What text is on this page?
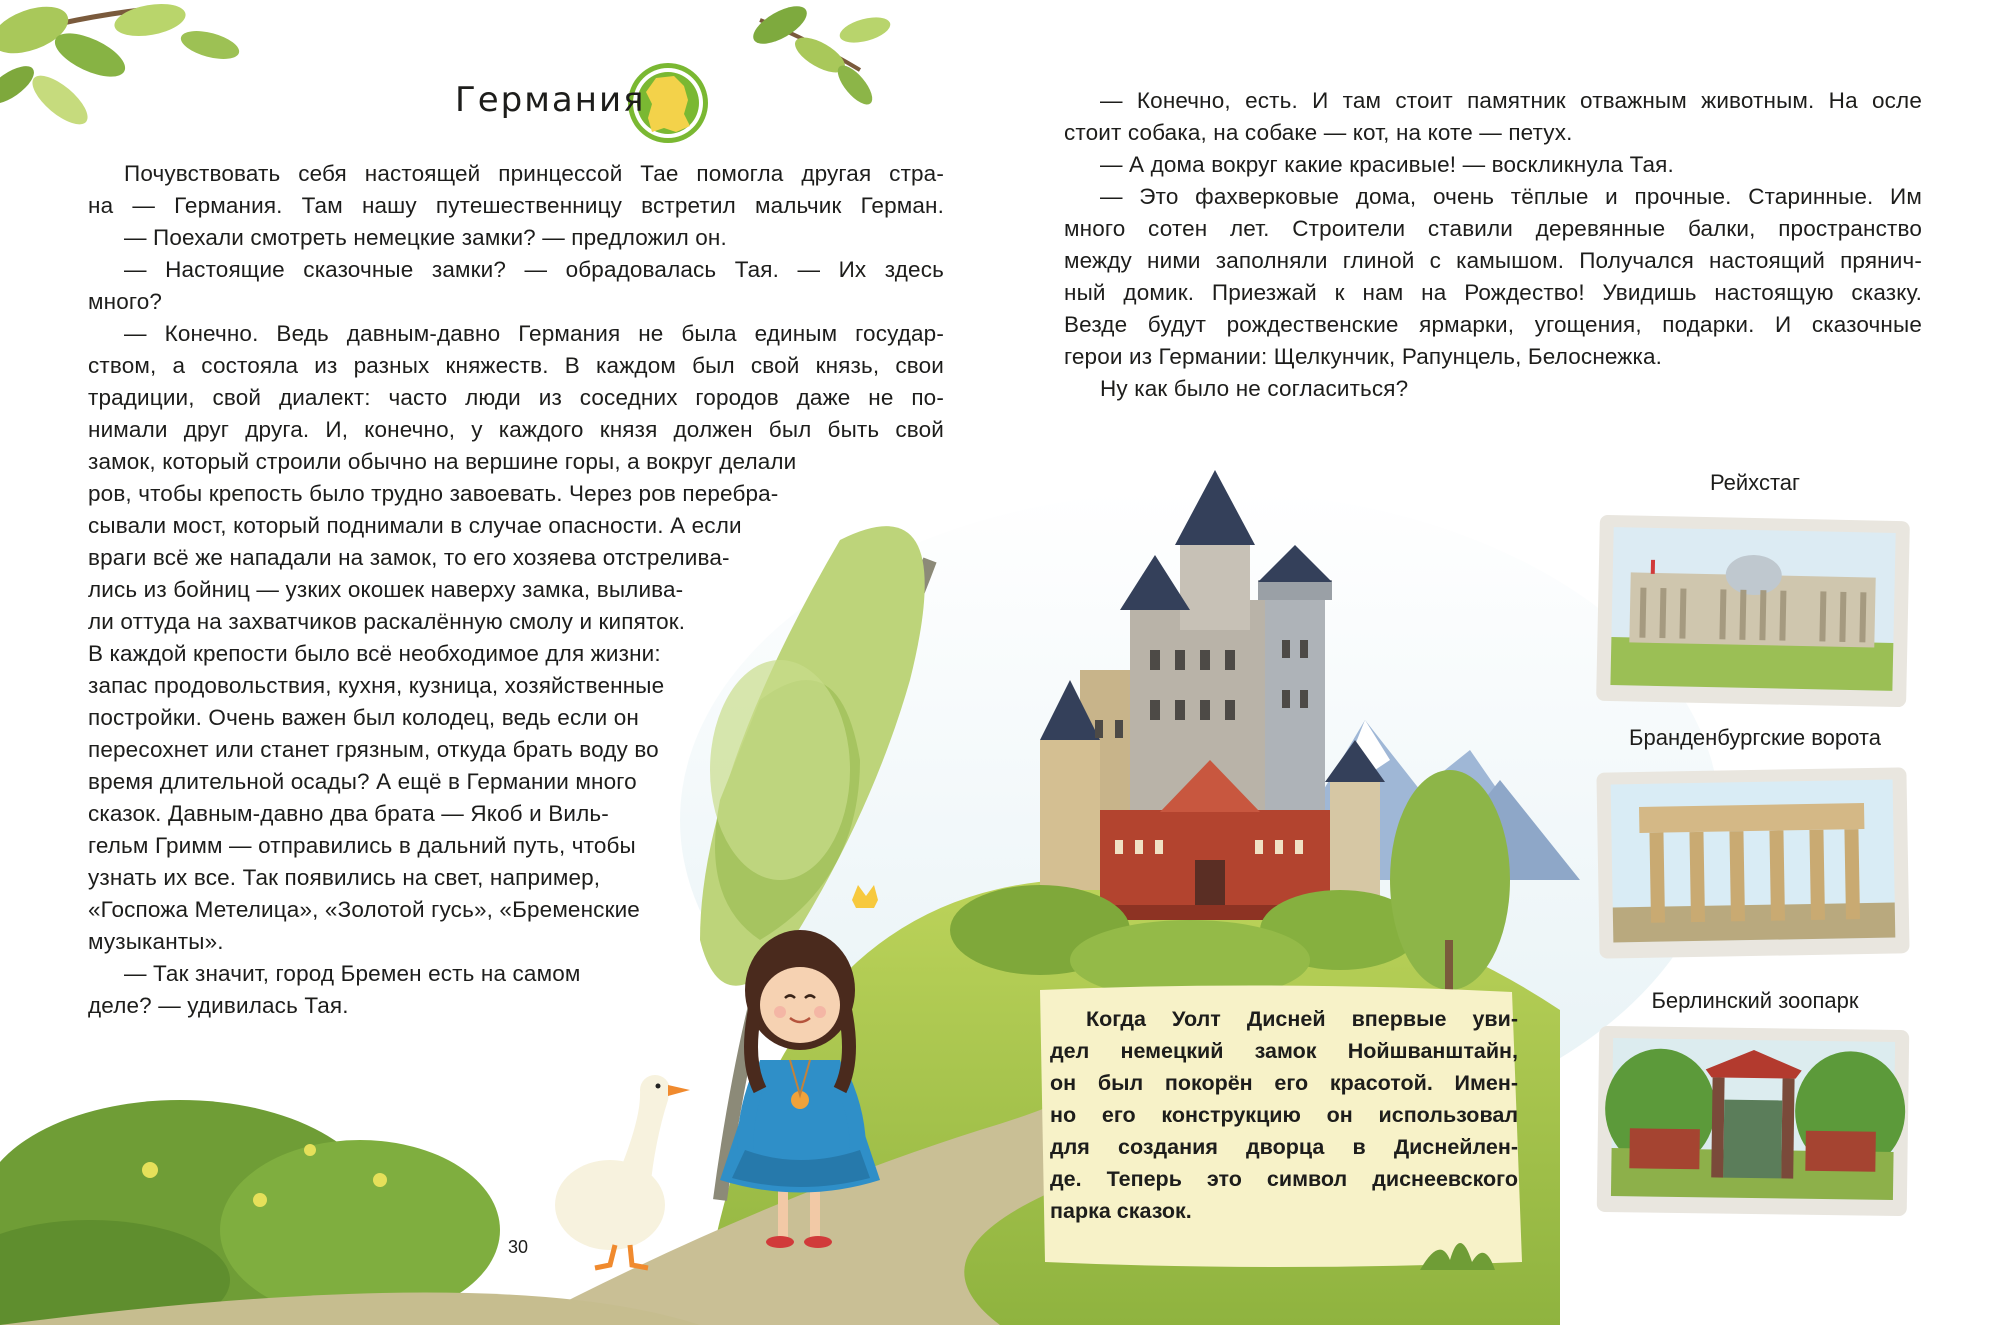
Германия

Почувствовать себя настоящей принцессой Тае помогла другая стра-

на — Германия. Там нашу путешественницу встретил мальчик Герман.

— Поехали смотреть немецкие замки? — предложил он.

— Настоящие сказочные замки? — обрадовалась Тая. — Их здесь

много?

— Конечно. Ведь давным-давно Германия не была единым государ-

ством, а состояла из разных княжеств. В каждом был свой князь, свои

традиции, свой диалект: часто люди из соседних городов даже не по-

нимали друг друга. И, конечно, у каждого князя должен был быть свой

замок, который строили обычно на вершине горы, а вокруг делали

ров, чтобы крепость было трудно завоевать. Через ров перебра-

сывали мост, который поднимали в случае опасности. А если

враги всё же нападали на замок, то его хозяева отстрелива-

лись из бойниц — узких окошек наверху замка, вылива-

ли оттуда на захватчиков раскалённую смолу и кипяток.

В каждой крепости было всё необходимое для жизни:

запас продовольствия, кухня, кузница, хозяйственные

постройки. Очень важен был колодец, ведь если он

пересохнет или станет грязным, откуда брать воду во

время длительной осады? А ещё в Германии много

сказок. Давным-давно два брата — Якоб и Виль-

гельм Гримм — отправились в дальний путь, чтобы

узнать их все. Так появились на свет, например,

«Госпожа Метелица», «Золотой гусь», «Бременские

музыканты».

— Так значит, город Бремен есть на самом

деле? — удивилась Тая.

— Конечно, есть. И там стоит памятник отважным животным. На осле

стоит собака, на собаке — кот, на коте — петух.

— А дома вокруг какие красивые! — воскликнула Тая.

— Это фахверковые дома, очень тёплые и прочные. Старинные. Им

много сотен лет. Строители ставили деревянные балки, пространство

между ними заполняли глиной с камышом. Получался настоящий прянич-

ный домик. Приезжай к нам на Рождество! Увидишь настоящую сказку.

Везде будут рождественские ярмарки, угощения, подарки. И сказочные

герои из Германии: Щелкунчик, Рапунцель, Белоснежка.

Ну как было не согласиться?

Рейхстаг
Бранденбургские ворота
Берлинский зоопарк
Когда Уолт Дисней впервые уви-
дел немецкий замок Нойшванштайн,
он был покорён его красотой. Имен-
но его конструкцию он использовал
для создания дворца в Диснейлен-
де. Теперь это символ диснеевского
парка сказок.
30
